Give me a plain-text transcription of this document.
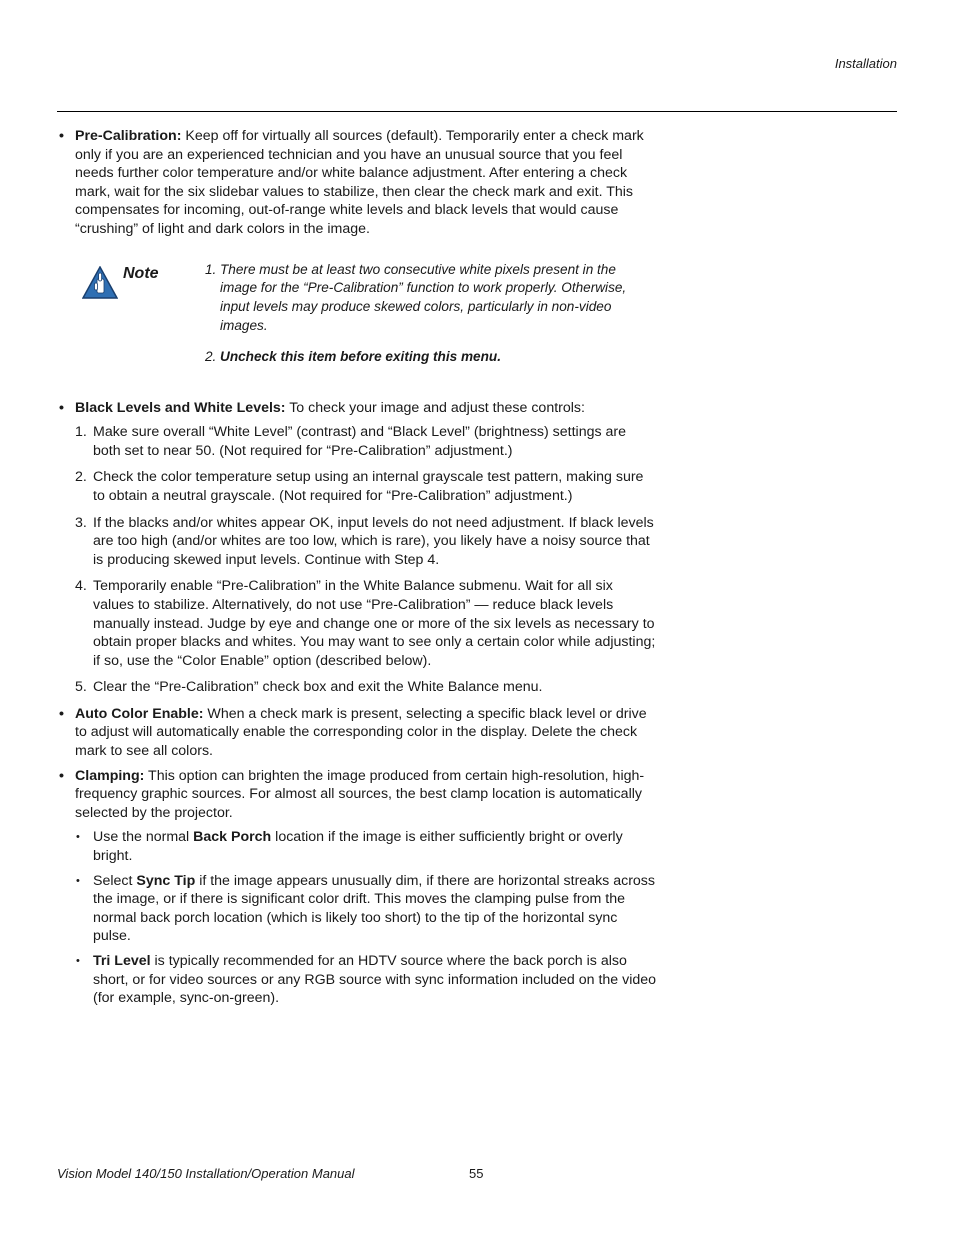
Installation
• Pre-Calibration: Keep off for virtually all sources (default). Temporarily enter a check mark only if you are an experienced technician and you have an unusual source that you feel needs further color temperature and/or white balance adjustment. After entering a check mark, wait for the six slidebar values to stabilize, then clear the check mark and exit. This compensates for incoming, out-of-range white levels and black levels that would cause “crushing” of light and dark colors in the image.
Note	1. There must be at least two consecutive white pixels present in the image for the “Pre-Calibration” function to work properly. Otherwise, input levels may produce skewed colors, particularly in non-video images.
2. Uncheck this item before exiting this menu.
• Black Levels and White Levels: To check your image and adjust these controls:
1. Make sure overall “White Level” (contrast) and “Black Level” (brightness) settings are both set to near 50. (Not required for “Pre-Calibration” adjustment.)
2. Check the color temperature setup using an internal grayscale test pattern, making sure to obtain a neutral grayscale. (Not required for “Pre-Calibration” adjustment.)
3. If the blacks and/or whites appear OK, input levels do not need adjustment. If black levels are too high (and/or whites are too low, which is rare), you likely have a noisy source that is producing skewed input levels. Continue with Step 4.
4. Temporarily enable “Pre-Calibration” in the White Balance submenu. Wait for all six values to stabilize. Alternatively, do not use “Pre-Calibration” — reduce black levels manually instead. Judge by eye and change one or more of the six levels as necessary to obtain proper blacks and whites. You may want to see only a certain color while adjusting; if so, use the “Color Enable” option (described below).
5. Clear the “Pre-Calibration” check box and exit the White Balance menu.
• Auto Color Enable: When a check mark is present, selecting a specific black level or drive to adjust will automatically enable the corresponding color in the display. Delete the check mark to see all colors.
• Clamping: This option can brighten the image produced from certain high-resolution, high-frequency graphic sources. For almost all sources, the best clamp location is automatically selected by the projector.
• Use the normal Back Porch location if the image is either sufficiently bright or overly bright.
• Select Sync Tip if the image appears unusually dim, if there are horizontal streaks across the image, or if there is significant color drift. This moves the clamping pulse from the normal back porch location (which is likely too short) to the tip of the horizontal sync pulse.
• Tri Level is typically recommended for an HDTV source where the back porch is also short, or for video sources or any RGB source with sync information included on the video (for example, sync-on-green).
Vision Model 140/150 Installation/Operation Manual	55
